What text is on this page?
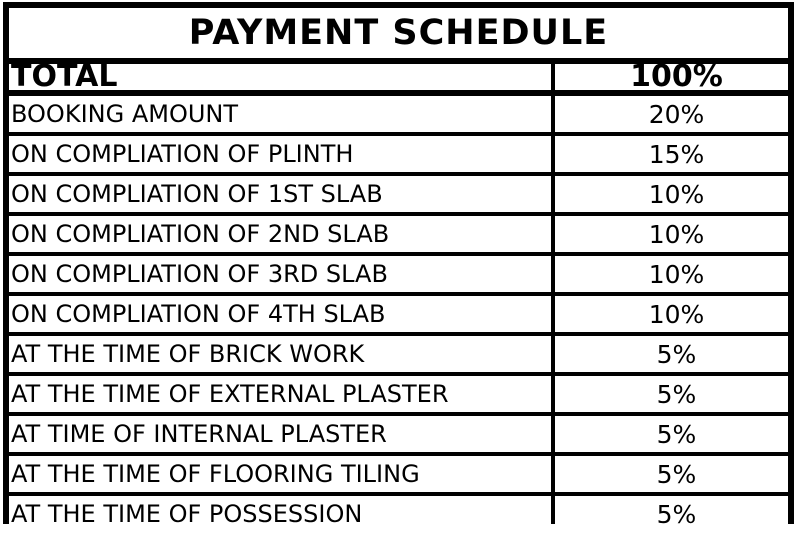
PAYMENT SCHEDULE
TOTAL	100%
BOOKING AMOUNT	20%
ON COMPLIATION OF PLINTH	15%
ON COMPLIATION OF 1ST SLAB	10%
ON COMPLIATION OF 2ND SLAB	10%
ON COMPLIATION OF 3RD SLAB	10%
ON COMPLIATION OF 4TH SLAB	10%
AT THE TIME OF BRICK WORK	5%
AT THE TIME OF EXTERNAL PLASTER	5%
AT TIME OF INTERNAL PLASTER	5%
AT THE TIME OF FLOORING TILING	5%
AT THE TIME OF POSSESSION	5%
